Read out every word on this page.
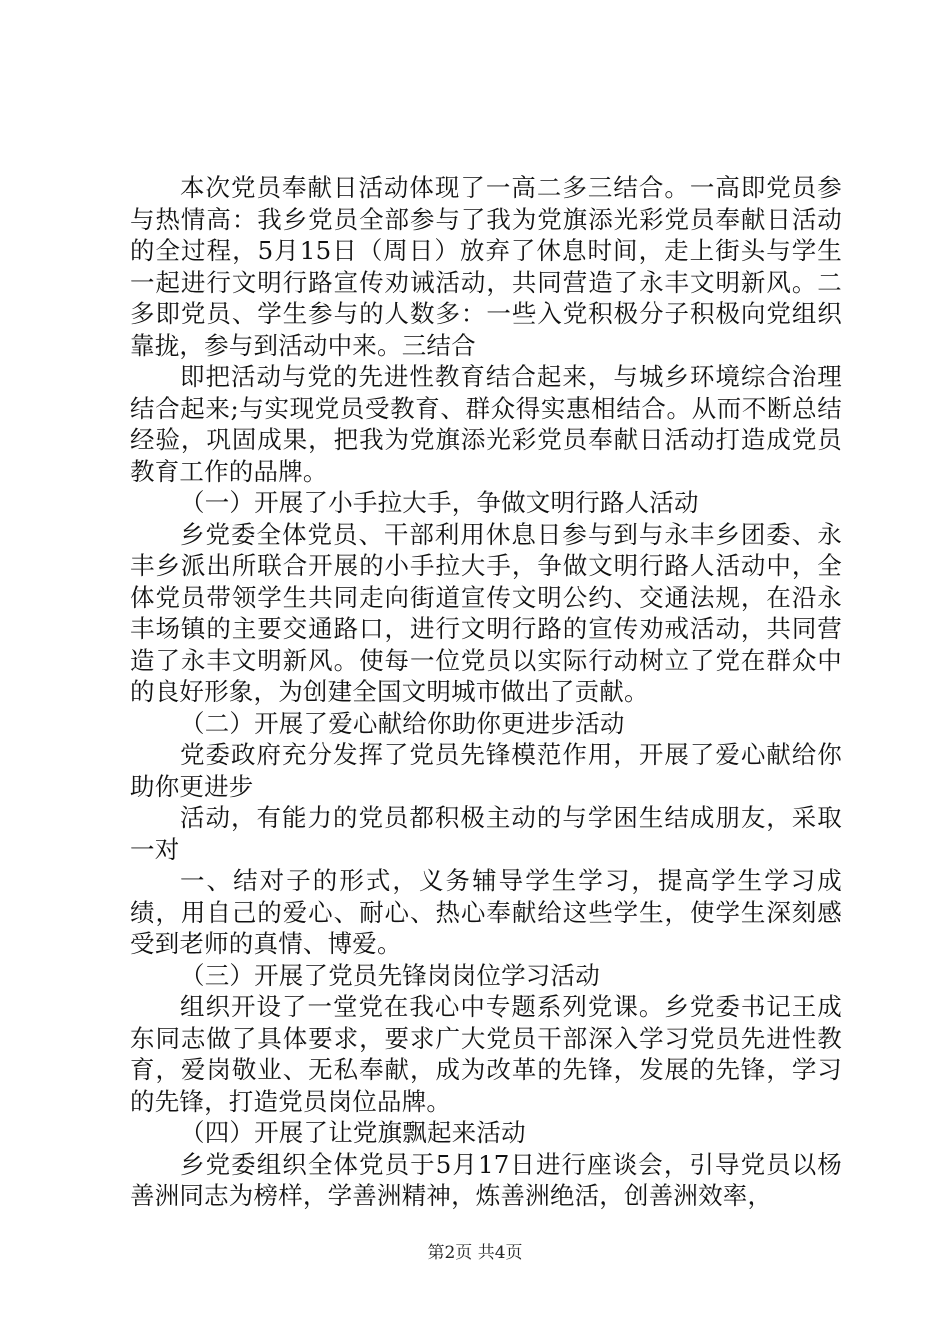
本次党员奉献日活动体现了一高二多三结合。一高即党员参与热情高：我乡党员全部参与了我为党旗添光彩党员奉献日活动的全过程，5月15日（周日）放弃了休息时间，走上街头与学生一起进行文明行路宣传劝诫活动，共同营造了永丰文明新风。二多即党员、学生参与的人数多：一些入党积极分子积极向党组织靠拢，参与到活动中来。三结合

即把活动与党的先进性教育结合起来，与城乡环境综合治理结合起来;与实现党员受教育、群众得实惠相结合。从而不断总结经验，巩固成果，把我为党旗添光彩党员奉献日活动打造成党员教育工作的品牌。

（一）开展了小手拉大手，争做文明行路人活动

乡党委全体党员、干部利用休息日参与到与永丰乡团委、永丰乡派出所联合开展的小手拉大手，争做文明行路人活动中，全体党员带领学生共同走向街道宣传文明公约、交通法规，在沿永丰场镇的主要交通路口，进行文明行路的宣传劝戒活动，共同营造了永丰文明新风。使每一位党员以实际行动树立了党在群众中的良好形象，为创建全国文明城市做出了贡献。

（二）开展了爱心献给你助你更进步活动

党委政府充分发挥了党员先锋模范作用，开展了爱心献给你助你更进步

活动，有能力的党员都积极主动的与学困生结成朋友，采取一对

一、结对子的形式，义务辅导学生学习，提高学生学习成绩，用自己的爱心、耐心、热心奉献给这些学生，使学生深刻感受到老师的真情、博爱。

（三）开展了党员先锋岗岗位学习活动

组织开设了一堂党在我心中专题系列党课。乡党委书记王成东同志做了具体要求，要求广大党员干部深入学习党员先进性教育，爱岗敬业、无私奉献，成为改革的先锋，发展的先锋，学习的先锋，打造党员岗位品牌。

（四）开展了让党旗飘起来活动

乡党委组织全体党员于5月17日进行座谈会，引导党员以杨善洲同志为榜样，学善洲精神，炼善洲绝活，创善洲效率，

第2页 共4页
